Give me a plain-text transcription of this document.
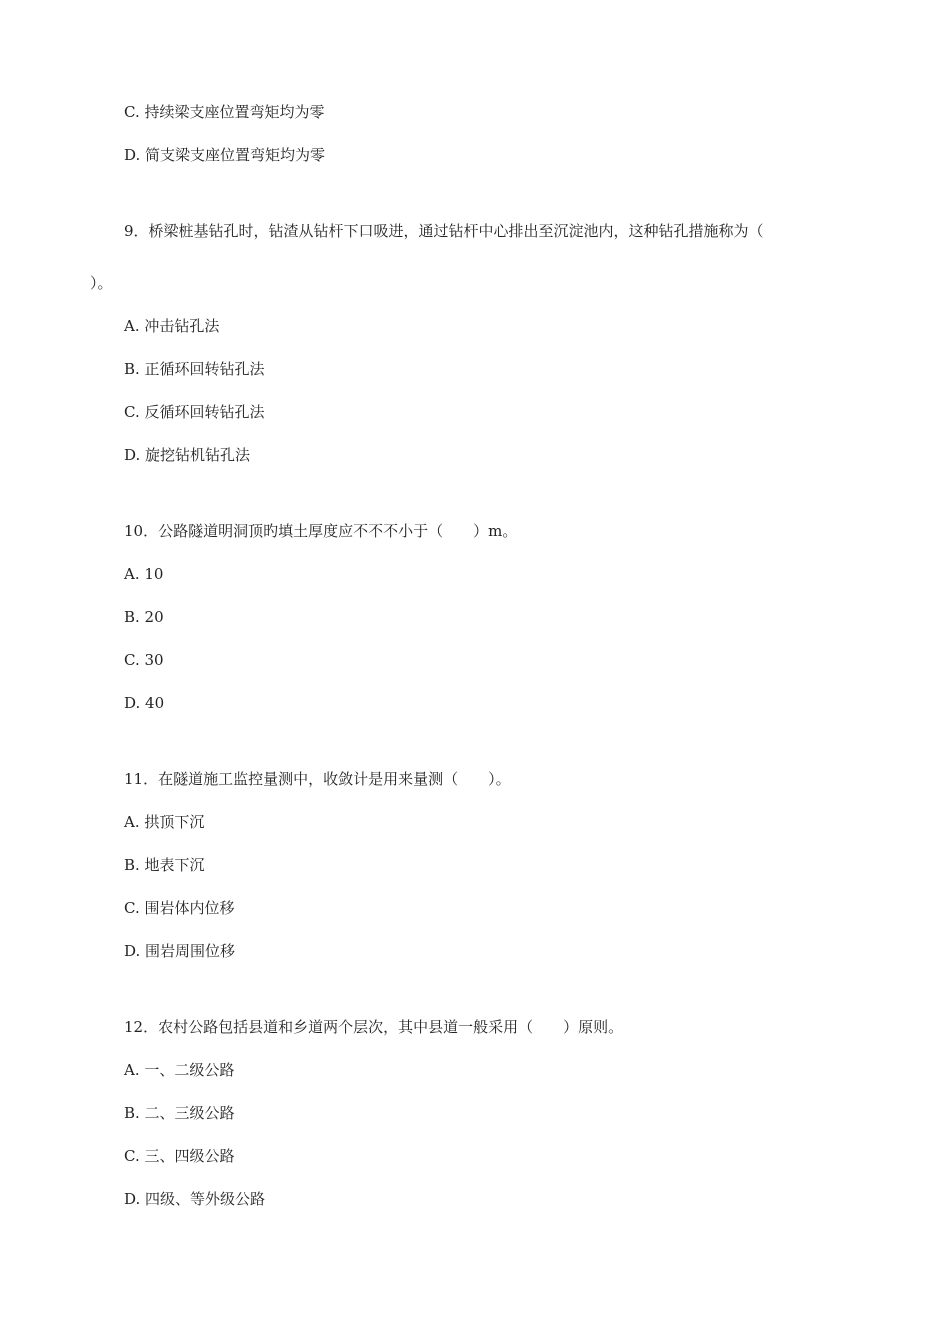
C. 持续梁支座位置弯矩均为零
D. 简支梁支座位置弯矩均为零
9．桥梁桩基钻孔时，钻渣从钻杆下口吸进，通过钻杆中心排出至沉淀池内，这种钻孔措施称为（
）。
A. 冲击钻孔法
B. 正循环回转钻孔法
C. 反循环回转钻孔法
D. 旋挖钻机钻孔法
10．公路隧道明洞顶旳填土厚度应不不不小于（　　）m。
A. 10
B. 20
C. 30
D. 40
11．在隧道施工监控量测中，收敛计是用来量测（　　）。
A. 拱顶下沉
B. 地表下沉
C. 围岩体内位移
D. 围岩周围位移
12．农村公路包括县道和乡道两个层次，其中县道一般采用（　　）原则。
A. 一、二级公路
B. 二、三级公路
C. 三、四级公路
D. 四级、等外级公路
